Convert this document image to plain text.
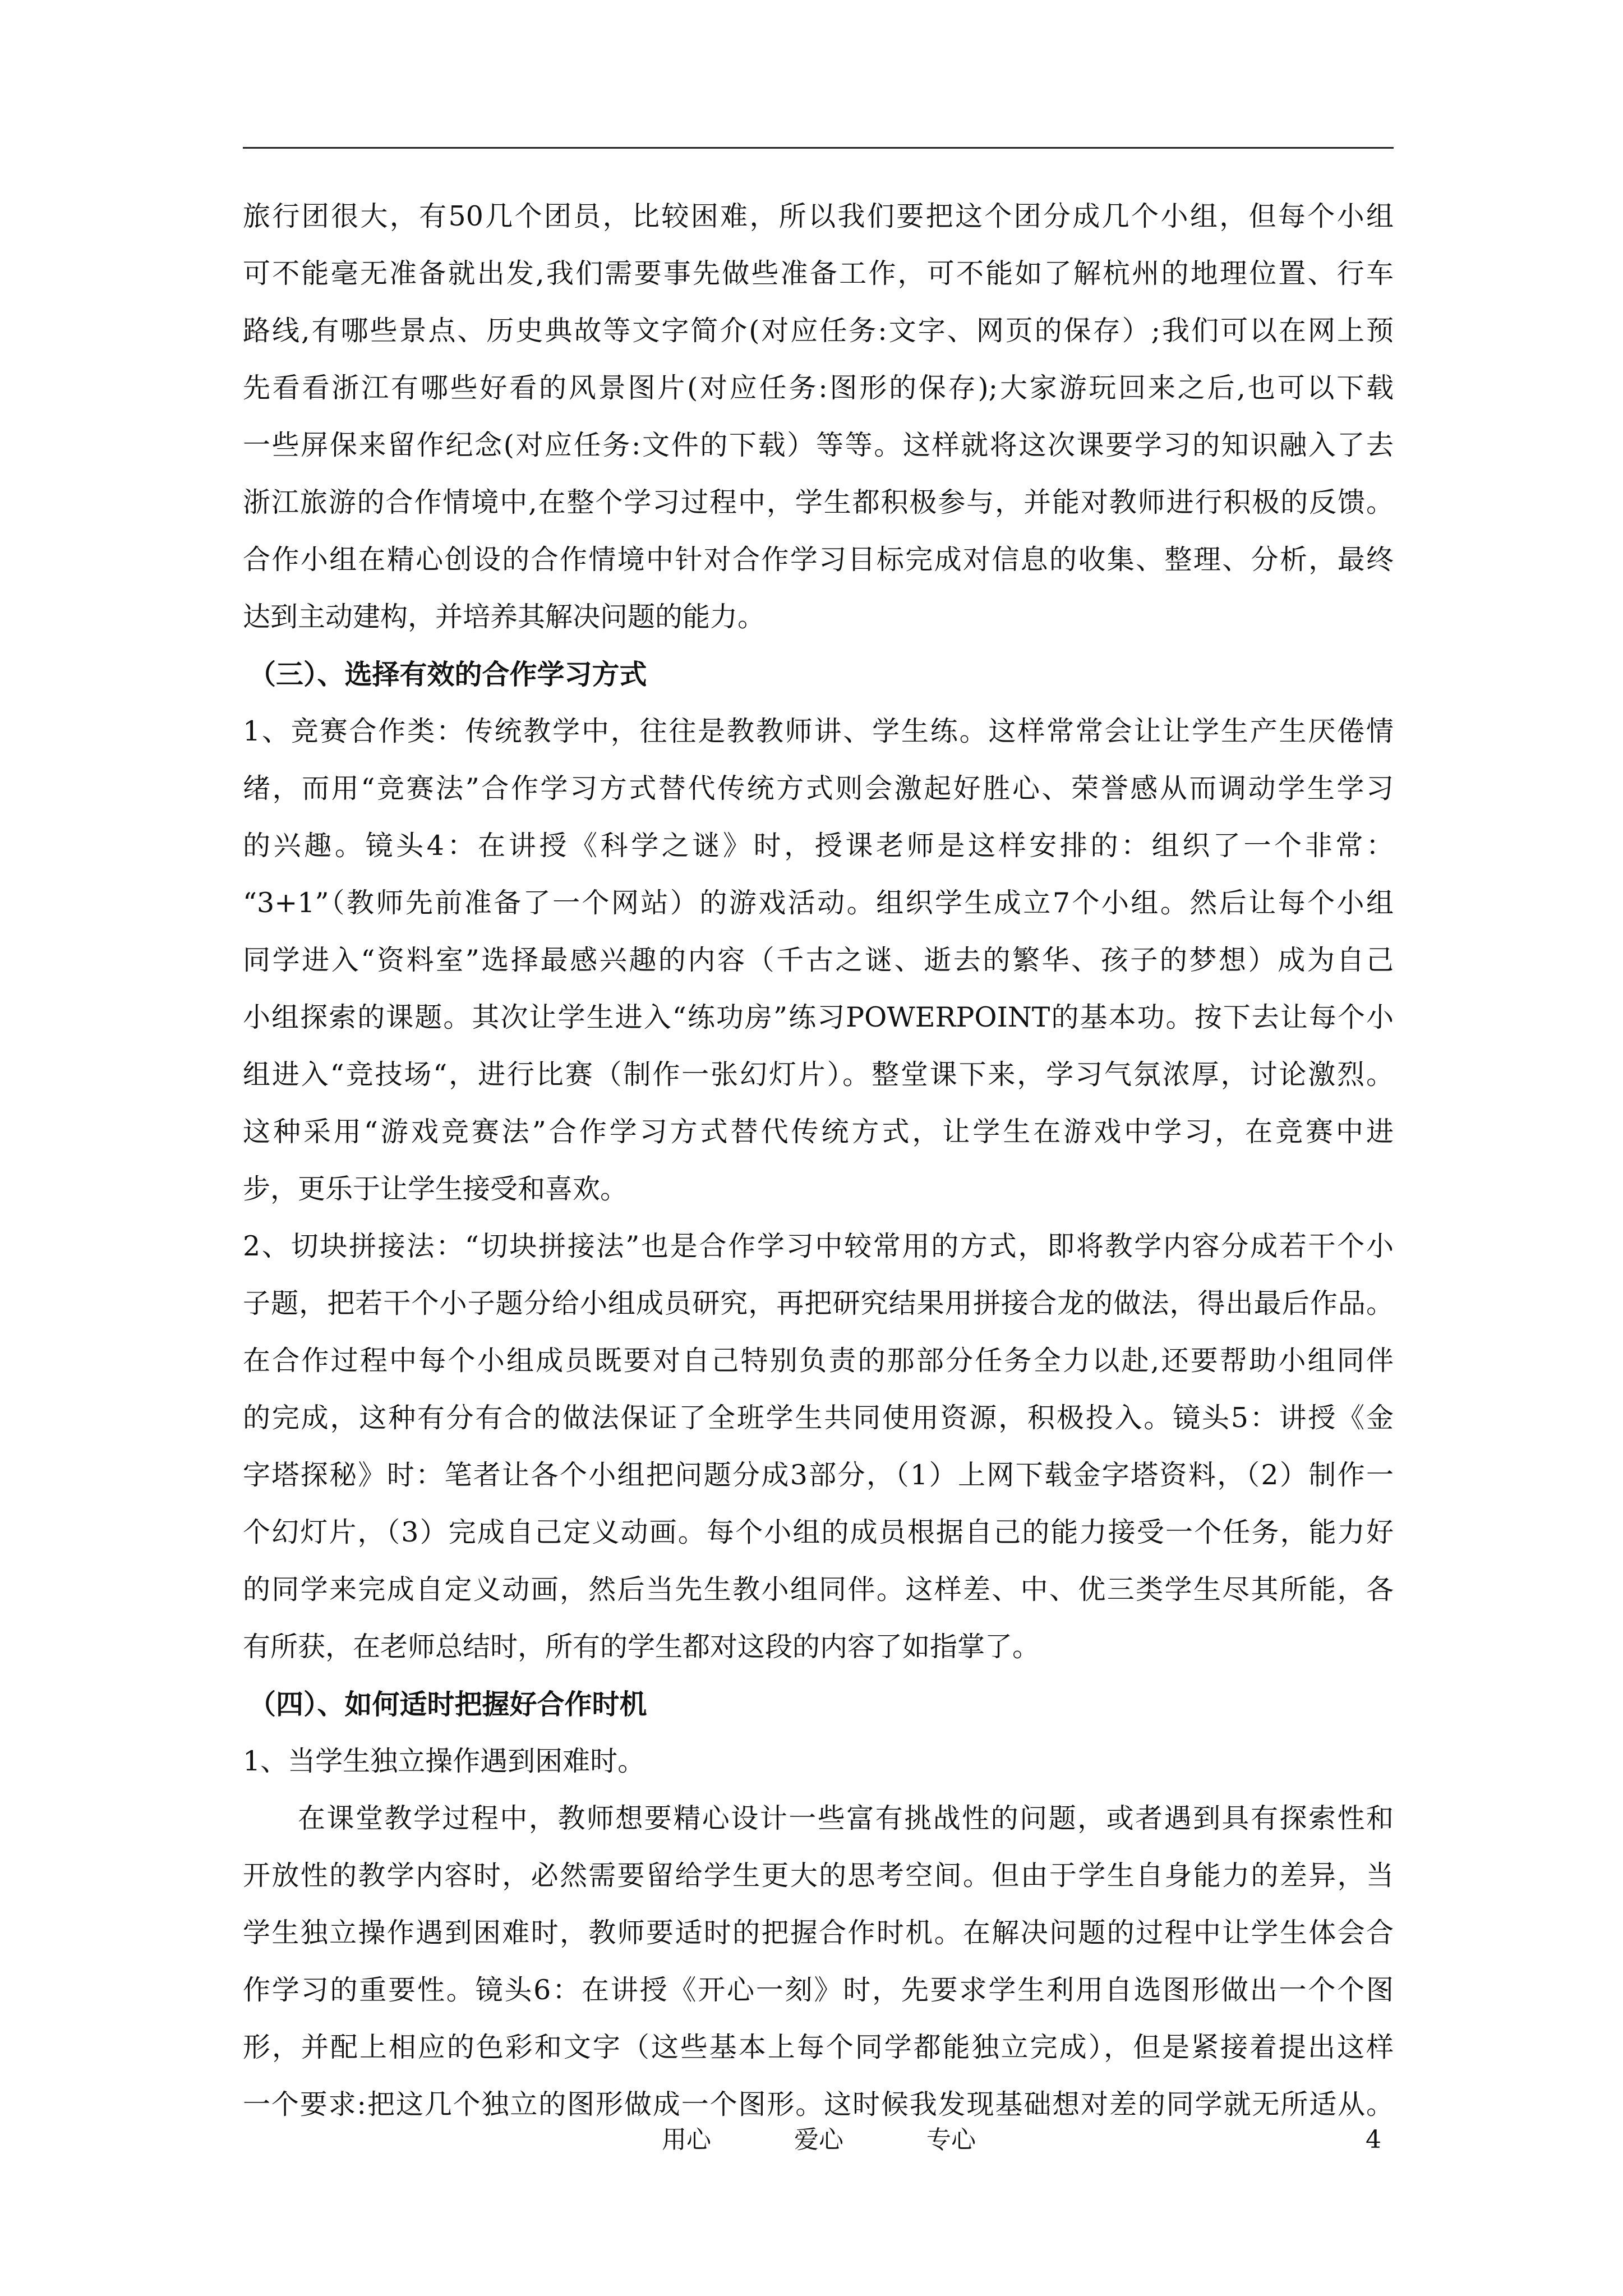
旅行团很大，有50几个团员，比较困难，所以我们要把这个团分成几个小组，但每个小组
可不能毫无准备就出发,我们需要事先做些准备工作，可不能如了解杭州的地理位置、行车
路线,有哪些景点、历史典故等文字简介(对应任务:文字、网页的保存）;我们可以在网上预
先看看浙江有哪些好看的风景图片(对应任务:图形的保存);大家游玩回来之后,也可以下载
一些屏保来留作纪念(对应任务:文件的下载）等等。这样就将这次课要学习的知识融入了去
浙江旅游的合作情境中,在整个学习过程中，学生都积极参与，并能对教师进行积极的反馈。
合作小组在精心创设的合作情境中针对合作学习目标完成对信息的收集、整理、分析，最终
达到主动建构，并培养其解决问题的能力。
（三）、选择有效的合作学习方式
1、竞赛合作类：传统教学中，往往是教教师讲、学生练。这样常常会让让学生产生厌倦情
绪，而用“竞赛法”合作学习方式替代传统方式则会激起好胜心、荣誉感从而调动学生学习
的兴趣。镜头4：在讲授《科学之谜》时，授课老师是这样安排的：组织了一个非常：
“3+1”（教师先前准备了一个网站）的游戏活动。组织学生成立7个小组。然后让每个小组
同学进入“资料室”选择最感兴趣的内容（千古之谜、逝去的繁华、孩子的梦想）成为自己
小组探索的课题。其次让学生进入“练功房”练习POWERPOINT的基本功。按下去让每个小
组进入“竞技场“，进行比赛（制作一张幻灯片）。整堂课下来，学习气氛浓厚，讨论激烈。
这种采用“游戏竞赛法”合作学习方式替代传统方式，让学生在游戏中学习，在竞赛中进
步，更乐于让学生接受和喜欢。
2、切块拼接法：“切块拼接法”也是合作学习中较常用的方式，即将教学内容分成若干个小
子题，把若干个小子题分给小组成员研究，再把研究结果用拼接合龙的做法，得出最后作品。
在合作过程中每个小组成员既要对自己特别负责的那部分任务全力以赴,还要帮助小组同伴
的完成，这种有分有合的做法保证了全班学生共同使用资源，积极投入。镜头5：讲授《金
字塔探秘》时：笔者让各个小组把问题分成3部分，（1）上网下载金字塔资料，（2）制作一
个幻灯片，（3）完成自己定义动画。每个小组的成员根据自己的能力接受一个任务，能力好
的同学来完成自定义动画，然后当先生教小组同伴。这样差、中、优三类学生尽其所能，各
有所获，在老师总结时，所有的学生都对这段的内容了如指掌了。
（四）、如何适时把握好合作时机
1、当学生独立操作遇到困难时。
在课堂教学过程中，教师想要精心设计一些富有挑战性的问题，或者遇到具有探索性和
开放性的教学内容时，必然需要留给学生更大的思考空间。但由于学生自身能力的差异，当
学生独立操作遇到困难时，教师要适时的把握合作时机。在解决问题的过程中让学生体会合
作学习的重要性。镜头6：在讲授《开心一刻》时，先要求学生利用自选图形做出一个个图
形，并配上相应的色彩和文字（这些基本上每个同学都能独立完成），但是紧接着提出这样
一个要求:把这几个独立的图形做成一个图形。这时候我发现基础想对差的同学就无所适从。
用心	爱心	专心	4
